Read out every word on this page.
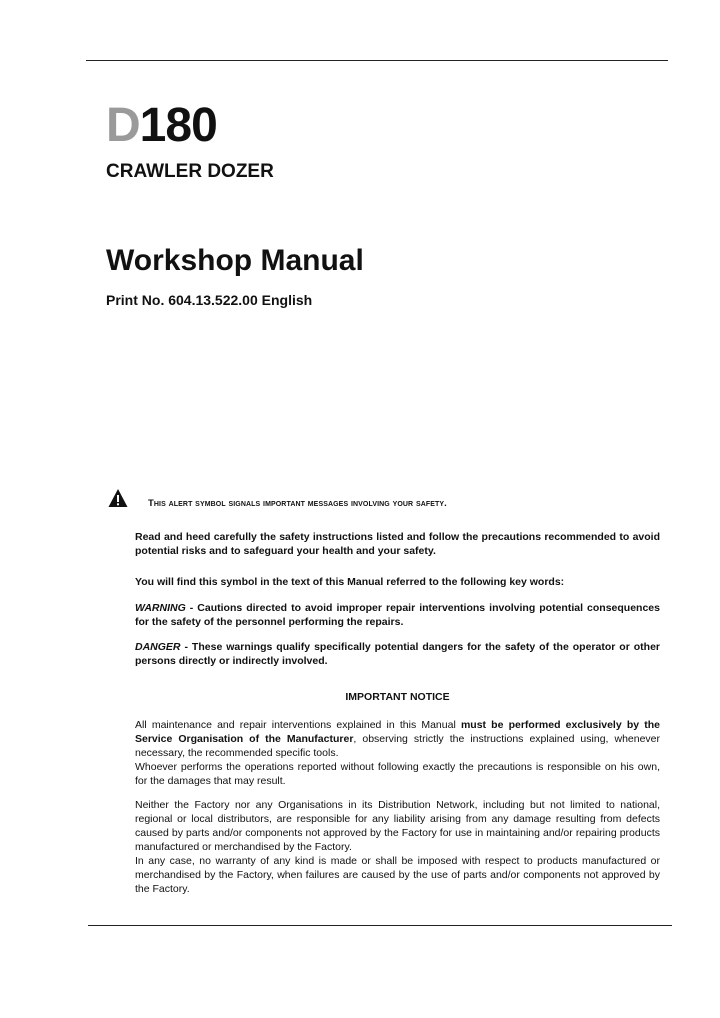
D180
CRAWLER DOZER
Workshop Manual
Print No. 604.13.522.00 English
This alert symbol signals important messages involving your safety.
Read and heed carefully the safety instructions listed and follow the precautions recommended to avoid potential risks and to safeguard your health and your safety.
You will find this symbol in the text of this Manual referred to the following key words:
WARNING - Cautions directed to avoid improper repair interventions involving potential consequences for the safety of the personnel performing the repairs.
DANGER - These warnings qualify specifically potential dangers for the safety of the operator or other persons directly or indirectly involved.
IMPORTANT NOTICE
All maintenance and repair interventions explained in this Manual must be performed exclusively by the Service Organisation of the Manufacturer, observing strictly the instructions explained using, whenever necessary, the recommended specific tools.
Whoever performs the operations reported without following exactly the precautions is responsible on his own, for the damages that may result.
Neither the Factory nor any Organisations in its Distribution Network, including but not limited to national, regional or local distributors, are responsible for any liability arising from any damage resulting from defects caused by parts and/or components not approved by the Factory for use in maintaining and/or repairing products manufactured or merchandised by the Factory.
In any case, no warranty of any kind is made or shall be imposed with respect to products manufactured or merchandised by the Factory, when failures are caused by the use of parts and/or components not approved by the Factory.
